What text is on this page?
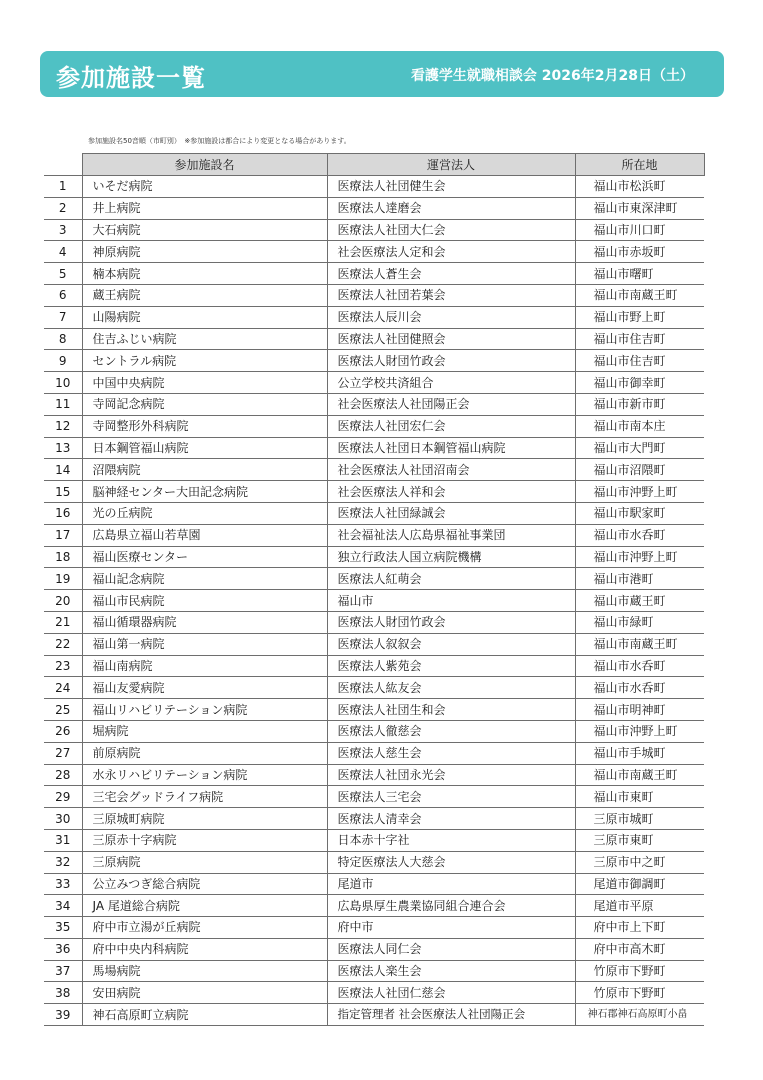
参加施設一覧	看護学生就職相談会 2026年2月28日（土）
参加施設名50音順（市町別）　※参加施設は都合により変更となる場合があります。
	参加施設名	運営法人	所在地
1	いそだ病院	医療法人社団健生会	福山市松浜町
2	井上病院	医療法人達磨会	福山市東深津町
3	大石病院	医療法人社団大仁会	福山市川口町
4	神原病院	社会医療法人定和会	福山市赤坂町
5	楠本病院	医療法人蒼生会	福山市曙町
6	蔵王病院	医療法人社団若葉会	福山市南蔵王町
7	山陽病院	医療法人辰川会	福山市野上町
8	住吉ふじい病院	医療法人社団健照会	福山市住吉町
9	セントラル病院	医療法人財団竹政会	福山市住吉町
10	中国中央病院	公立学校共済組合	福山市御幸町
11	寺岡記念病院	社会医療法人社団陽正会	福山市新市町
12	寺岡整形外科病院	医療法人社団宏仁会	福山市南本庄
13	日本鋼管福山病院	医療法人社団日本鋼管福山病院	福山市大門町
14	沼隈病院	社会医療法人社団沼南会	福山市沼隈町
15	脳神経センター大田記念病院	社会医療法人祥和会	福山市沖野上町
16	光の丘病院	医療法人社団緑誠会	福山市駅家町
17	広島県立福山若草園	社会福祉法人広島県福祉事業団	福山市水呑町
18	福山医療センター	独立行政法人国立病院機構	福山市沖野上町
19	福山記念病院	医療法人紅萌会	福山市港町
20	福山市民病院	福山市	福山市蔵王町
21	福山循環器病院	医療法人財団竹政会	福山市緑町
22	福山第一病院	医療法人叙叙会	福山市南蔵王町
23	福山南病院	医療法人紫苑会	福山市水呑町
24	福山友愛病院	医療法人紘友会	福山市水呑町
25	福山リハビリテーション病院	医療法人社団生和会	福山市明神町
26	堀病院	医療法人徹慈会	福山市沖野上町
27	前原病院	医療法人慈生会	福山市手城町
28	水永リハビリテーション病院	医療法人社団永光会	福山市南蔵王町
29	三宅会グッドライフ病院	医療法人三宅会	福山市東町
30	三原城町病院	医療法人清幸会	三原市城町
31	三原赤十字病院	日本赤十字社	三原市東町
32	三原病院	特定医療法人大慈会	三原市中之町
33	公立みつぎ総合病院	尾道市	尾道市御調町
34	JA 尾道総合病院	広島県厚生農業協同組合連合会	尾道市平原
35	府中市立湯が丘病院	府中市	府中市上下町
36	府中中央内科病院	医療法人同仁会	府中市高木町
37	馬場病院	医療法人楽生会	竹原市下野町
38	安田病院	医療法人社団仁慈会	竹原市下野町
39	神石高原町立病院	指定管理者 社会医療法人社団陽正会	神石郡神石高原町小畠
